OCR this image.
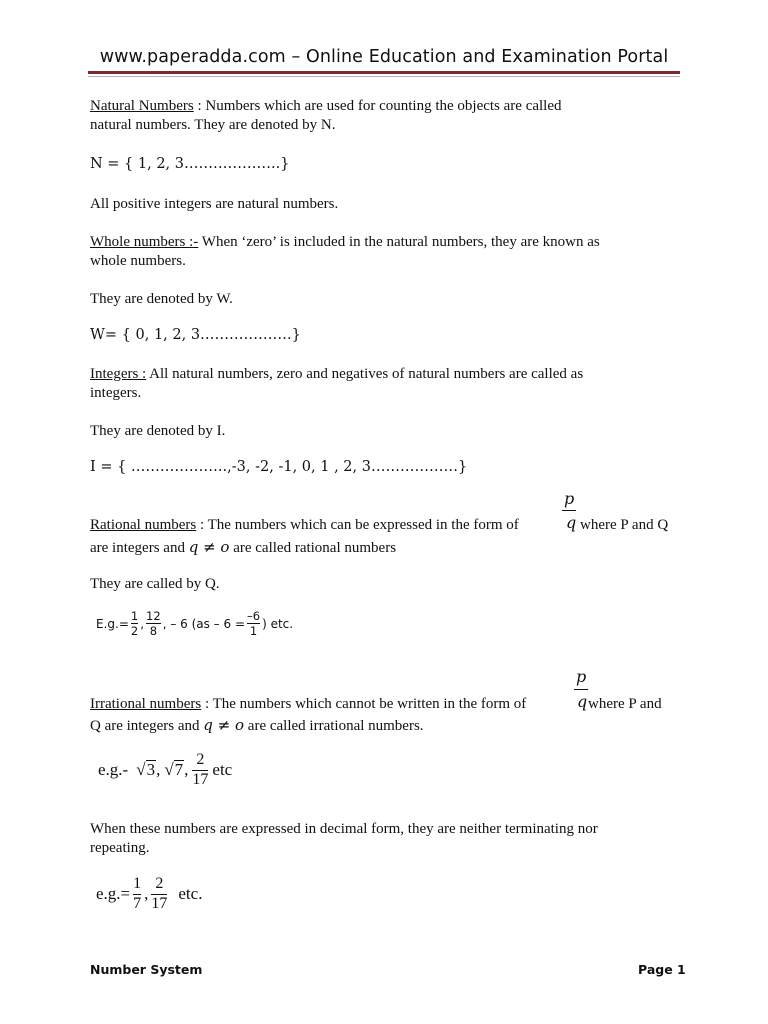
www.paperadda.com – Online Education and Examination Portal
Natural Numbers : Numbers which are used for counting the objects are called
natural numbers. They are denoted by N.
N = { 1, 2, 3………………..}
All positive integers are natural numbers.
Whole numbers :- When ‘zero’ is included in the natural numbers, they are known as
whole numbers.
They are denoted by W.
W= { 0, 1, 2, 3……………….}
Integers : All natural numbers, zero and negatives of natural numbers are called as
integers.
They are denoted by I.
I = { ………………..,-3, -2, -1, 0, 1 , 2, 3………………}
p
Rational numbers : The numbers which can be expressed in the form of	q where P and Q
are integers and q ≠ o are called rational numbers
They are called by Q.
$E.g.= \frac{1}{2}$ , $\frac{12}{8}$ , – 6 ($as - 6 = \frac{-6}{1}$ ) etc.
p
Irrational numbers : The numbers which cannot be written in the form of	q where P and
Q are integers and q ≠ o are called irrational numbers.
e.g.- √3 , √7 , $\frac{2}{17}$ etc
When these numbers are expressed in decimal form, they are neither terminating nor
repeating.
$e.g.= \frac{1}{7}$ , $\frac{2}{17}$ etc.
Number System	Page 1
